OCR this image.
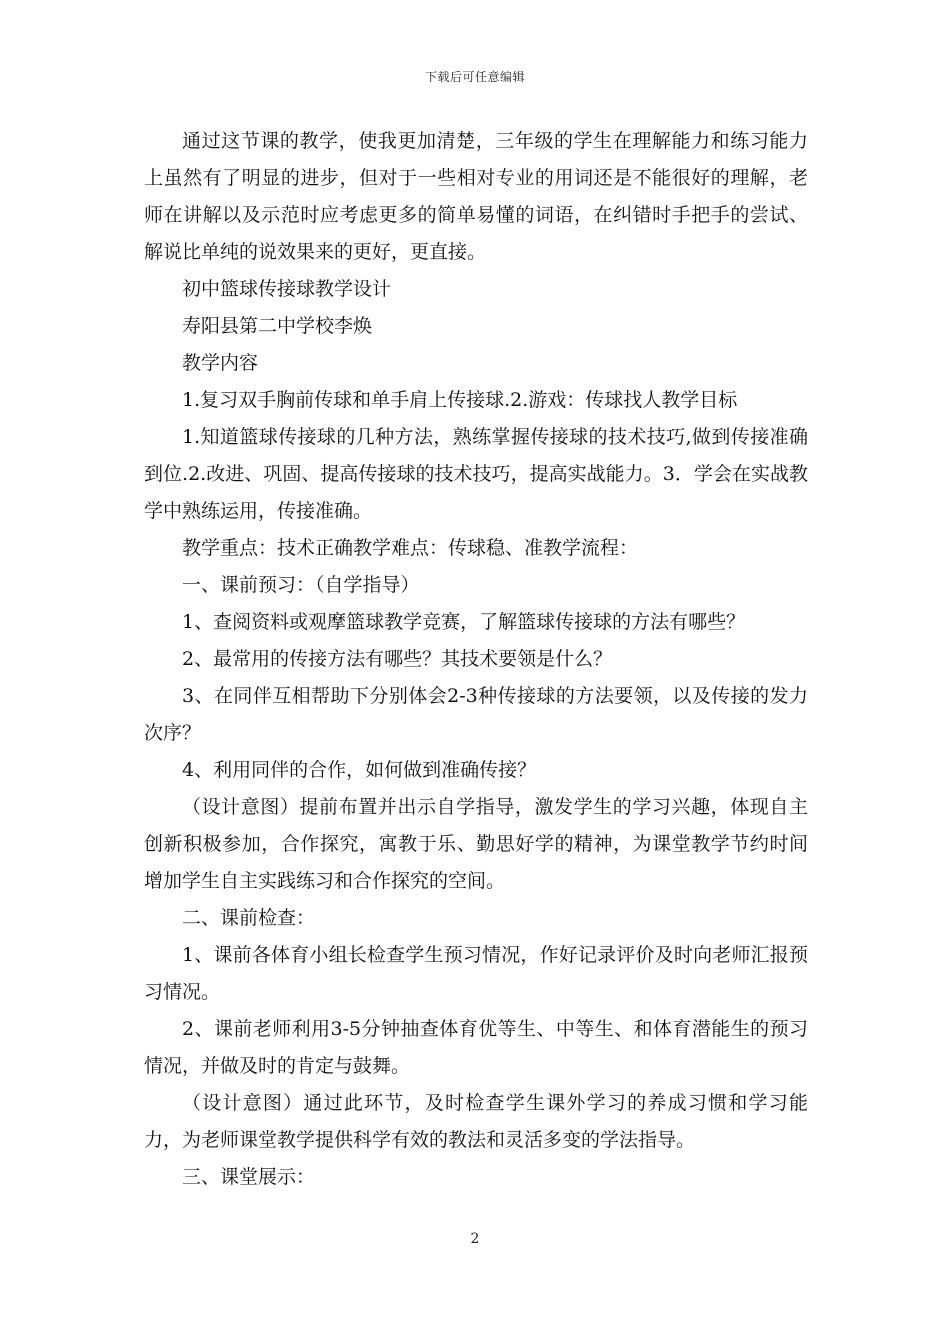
下载后可任意编辑

通过这节课的教学，使我更加清楚，三年级的学生在理解能力和练习能力上虽然有了明显的进步，但对于一些相对专业的用词还是不能很好的理解，老师在讲解以及示范时应考虑更多的简单易懂的词语，在纠错时手把手的尝试、解说比单纯的说效果来的更好，更直接。

初中篮球传接球教学设计

寿阳县第二中学校李焕

教学内容

1.复习双手胸前传球和单手肩上传接球.2.游戏：传球找人教学目标

1.知道篮球传接球的几种方法，熟练掌握传接球的技术技巧,做到传接准确到位.2.改进、巩固、提高传接球的技术技巧，提高实战能力。3．学会在实战教学中熟练运用，传接准确。

教学重点：技术正确教学难点：传球稳、准教学流程：

一、课前预习：（自学指导）

1、查阅资料或观摩篮球教学竞赛，了解篮球传接球的方法有哪些？

2、最常用的传接方法有哪些？其技术要领是什么？

3、在同伴互相帮助下分别体会2-3种传接球的方法要领，以及传接的发力次序？

4、利用同伴的合作，如何做到准确传接？

（设计意图）提前布置并出示自学指导，激发学生的学习兴趣，体现自主创新积极参加，合作探究，寓教于乐、勤思好学的精神，为课堂教学节约时间增加学生自主实践练习和合作探究的空间。

二、课前检查：

1、课前各体育小组长检查学生预习情况，作好记录评价及时向老师汇报预习情况。

2、课前老师利用3-5分钟抽查体育优等生、中等生、和体育潜能生的预习情况，并做及时的肯定与鼓舞。

（设计意图）通过此环节，及时检查学生课外学习的养成习惯和学习能力，为老师课堂教学提供科学有效的教法和灵活多变的学法指导。

三、课堂展示：

2
